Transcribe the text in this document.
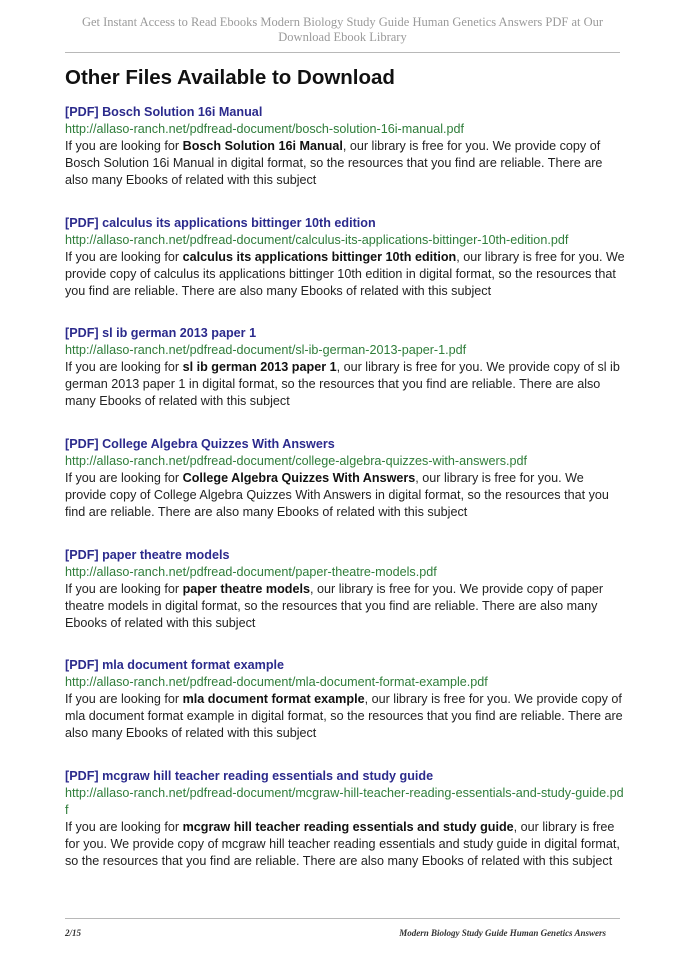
Get Instant Access to Read Ebooks Modern Biology Study Guide Human Genetics Answers PDF at Our Download Ebook Library
Other Files Available to Download
[PDF] Bosch Solution 16i Manual
http://allaso-ranch.net/pdfread-document/bosch-solution-16i-manual.pdf
If you are looking for Bosch Solution 16i Manual, our library is free for you. We provide copy of Bosch Solution 16i Manual in digital format, so the resources that you find are reliable. There are also many Ebooks of related with this subject
[PDF] calculus its applications bittinger 10th edition
http://allaso-ranch.net/pdfread-document/calculus-its-applications-bittinger-10th-edition.pdf
If you are looking for calculus its applications bittinger 10th edition, our library is free for you. We provide copy of calculus its applications bittinger 10th edition in digital format, so the resources that you find are reliable. There are also many Ebooks of related with this subject
[PDF] sl ib german 2013 paper 1
http://allaso-ranch.net/pdfread-document/sl-ib-german-2013-paper-1.pdf
If you are looking for sl ib german 2013 paper 1, our library is free for you. We provide copy of sl ib german 2013 paper 1 in digital format, so the resources that you find are reliable. There are also many Ebooks of related with this subject
[PDF] College Algebra Quizzes With Answers
http://allaso-ranch.net/pdfread-document/college-algebra-quizzes-with-answers.pdf
If you are looking for College Algebra Quizzes With Answers, our library is free for you. We provide copy of College Algebra Quizzes With Answers in digital format, so the resources that you find are reliable. There are also many Ebooks of related with this subject
[PDF] paper theatre models
http://allaso-ranch.net/pdfread-document/paper-theatre-models.pdf
If you are looking for paper theatre models, our library is free for you. We provide copy of paper theatre models in digital format, so the resources that you find are reliable. There are also many Ebooks of related with this subject
[PDF] mla document format example
http://allaso-ranch.net/pdfread-document/mla-document-format-example.pdf
If you are looking for mla document format example, our library is free for you. We provide copy of mla document format example in digital format, so the resources that you find are reliable. There are also many Ebooks of related with this subject
[PDF] mcgraw hill teacher reading essentials and study guide
http://allaso-ranch.net/pdfread-document/mcgraw-hill-teacher-reading-essentials-and-study-guide.pdf
If you are looking for mcgraw hill teacher reading essentials and study guide, our library is free for you. We provide copy of mcgraw hill teacher reading essentials and study guide in digital format, so the resources that you find are reliable. There are also many Ebooks of related with this subject
2/15	Modern Biology Study Guide Human Genetics Answers
